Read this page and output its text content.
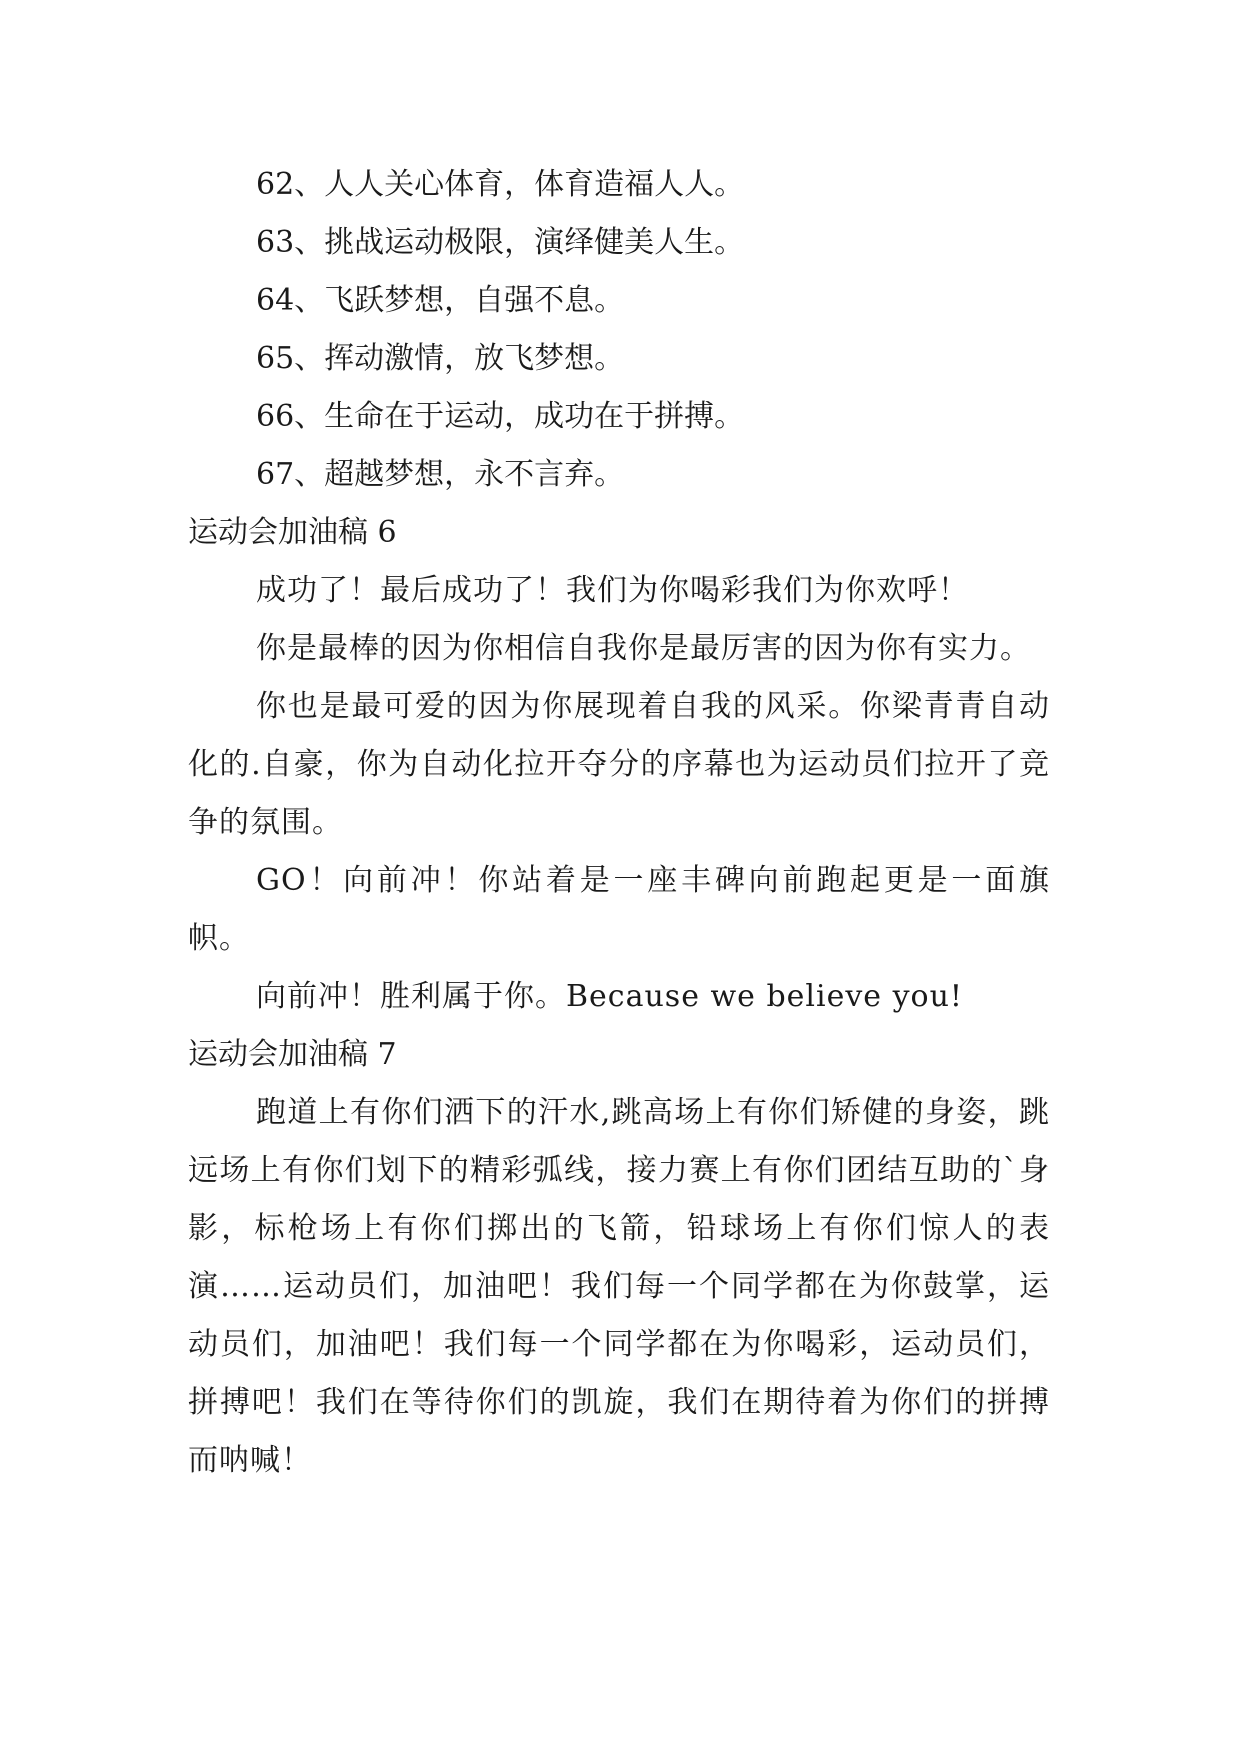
62、人人关心体育，体育造福人人。

63、挑战运动极限，演绎健美人生。

64、飞跃梦想，自强不息。

65、挥动激情，放飞梦想。

66、生命在于运动，成功在于拼搏。

67、超越梦想，永不言弃。

运动会加油稿 6

成功了！最后成功了！我们为你喝彩我们为你欢呼！

你是最棒的因为你相信自我你是最厉害的因为你有实力。

你也是最可爱的因为你展现着自我的风采。你梁青青自动化的.自豪，你为自动化拉开夺分的序幕也为运动员们拉开了竞争的氛围。

GO！向前冲！你站着是一座丰碑向前跑起更是一面旗帜。

向前冲！胜利属于你。Because we believe you!

运动会加油稿 7

跑道上有你们洒下的汗水,跳高场上有你们矫健的身姿，跳远场上有你们划下的精彩弧线，接力赛上有你们团结互助的`身影，标枪场上有你们掷出的飞箭，铅球场上有你们惊人的表演……运动员们，加油吧！我们每一个同学都在为你鼓掌，运动员们，加油吧！我们每一个同学都在为你喝彩，运动员们，拼搏吧！我们在等待你们的凯旋，我们在期待着为你们的拼搏而呐喊！
